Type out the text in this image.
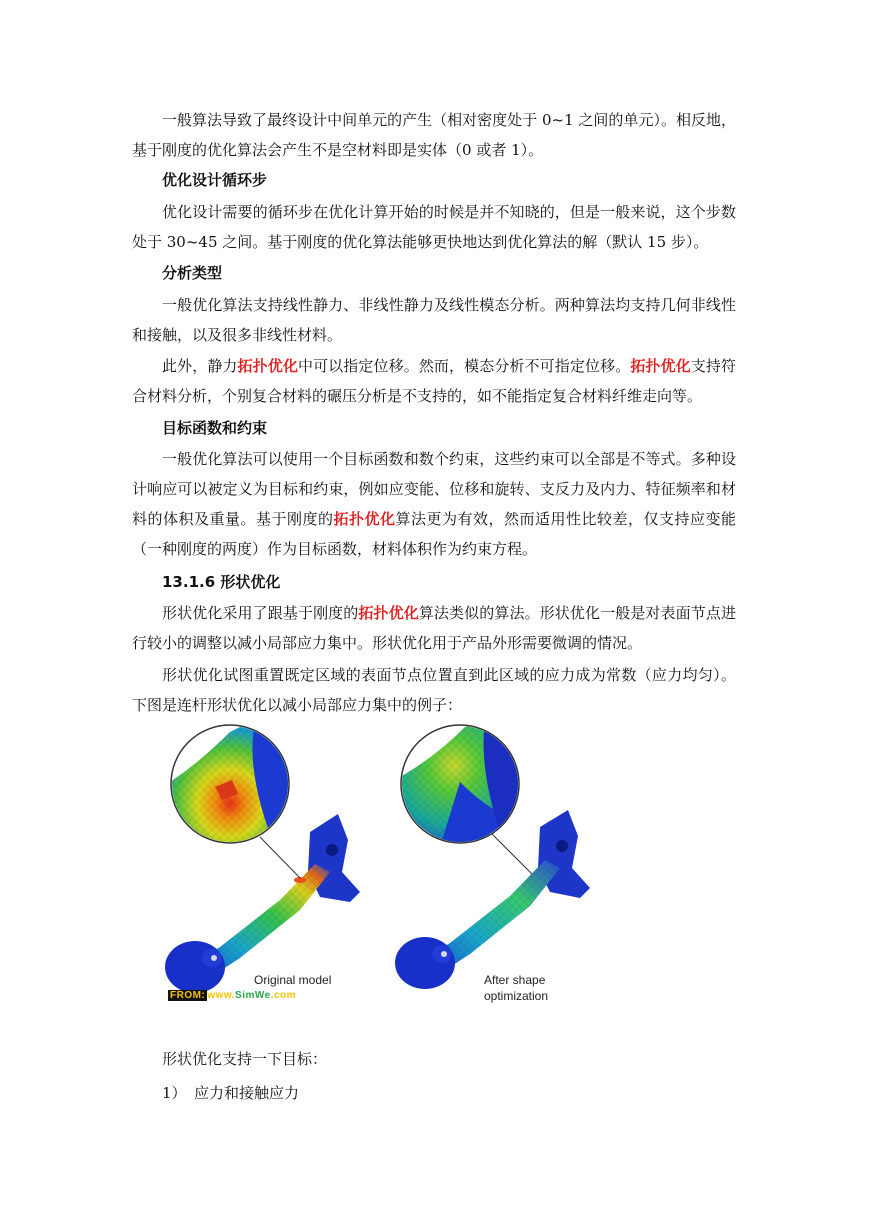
一般算法导致了最终设计中间单元的产生（相对密度处于 0~1 之间的单元）。相反地，基于刚度的优化算法会产生不是空材料即是实体（0 或者 1）。

优化设计循环步

优化设计需要的循环步在优化计算开始的时候是并不知晓的，但是一般来说，这个步数处于 30~45 之间。基于刚度的优化算法能够更快地达到优化算法的解（默认 15 步）。

分析类型

一般优化算法支持线性静力、非线性静力及线性模态分析。两种算法均支持几何非线性和接触，以及很多非线性材料。

此外，静力拓扑优化中可以指定位移。然而，模态分析不可指定位移。拓扑优化支持符合材料分析，个别复合材料的碾压分析是不支持的，如不能指定复合材料纤维走向等。

目标函数和约束

一般优化算法可以使用一个目标函数和数个约束，这些约束可以全部是不等式。多种设计响应可以被定义为目标和约束，例如应变能、位移和旋转、支反力及内力、特征频率和材料的体积及重量。基于刚度的拓扑优化算法更为有效，然而适用性比较差，仅支持应变能（一种刚度的两度）作为目标函数，材料体积作为约束方程。

13.1.6 形状优化

形状优化采用了跟基于刚度的拓扑优化算法类似的算法。形状优化一般是对表面节点进行较小的调整以减小局部应力集中。形状优化用于产品外形需要微调的情况。

形状优化试图重置既定区域的表面节点位置直到此区域的应力成为常数（应力均匀）。下图是连杆形状优化以减小局部应力集中的例子：

Original model	After shape
optimization
FROM: www.SimWe.com

形状优化支持一下目标：

1） 应力和接触应力
